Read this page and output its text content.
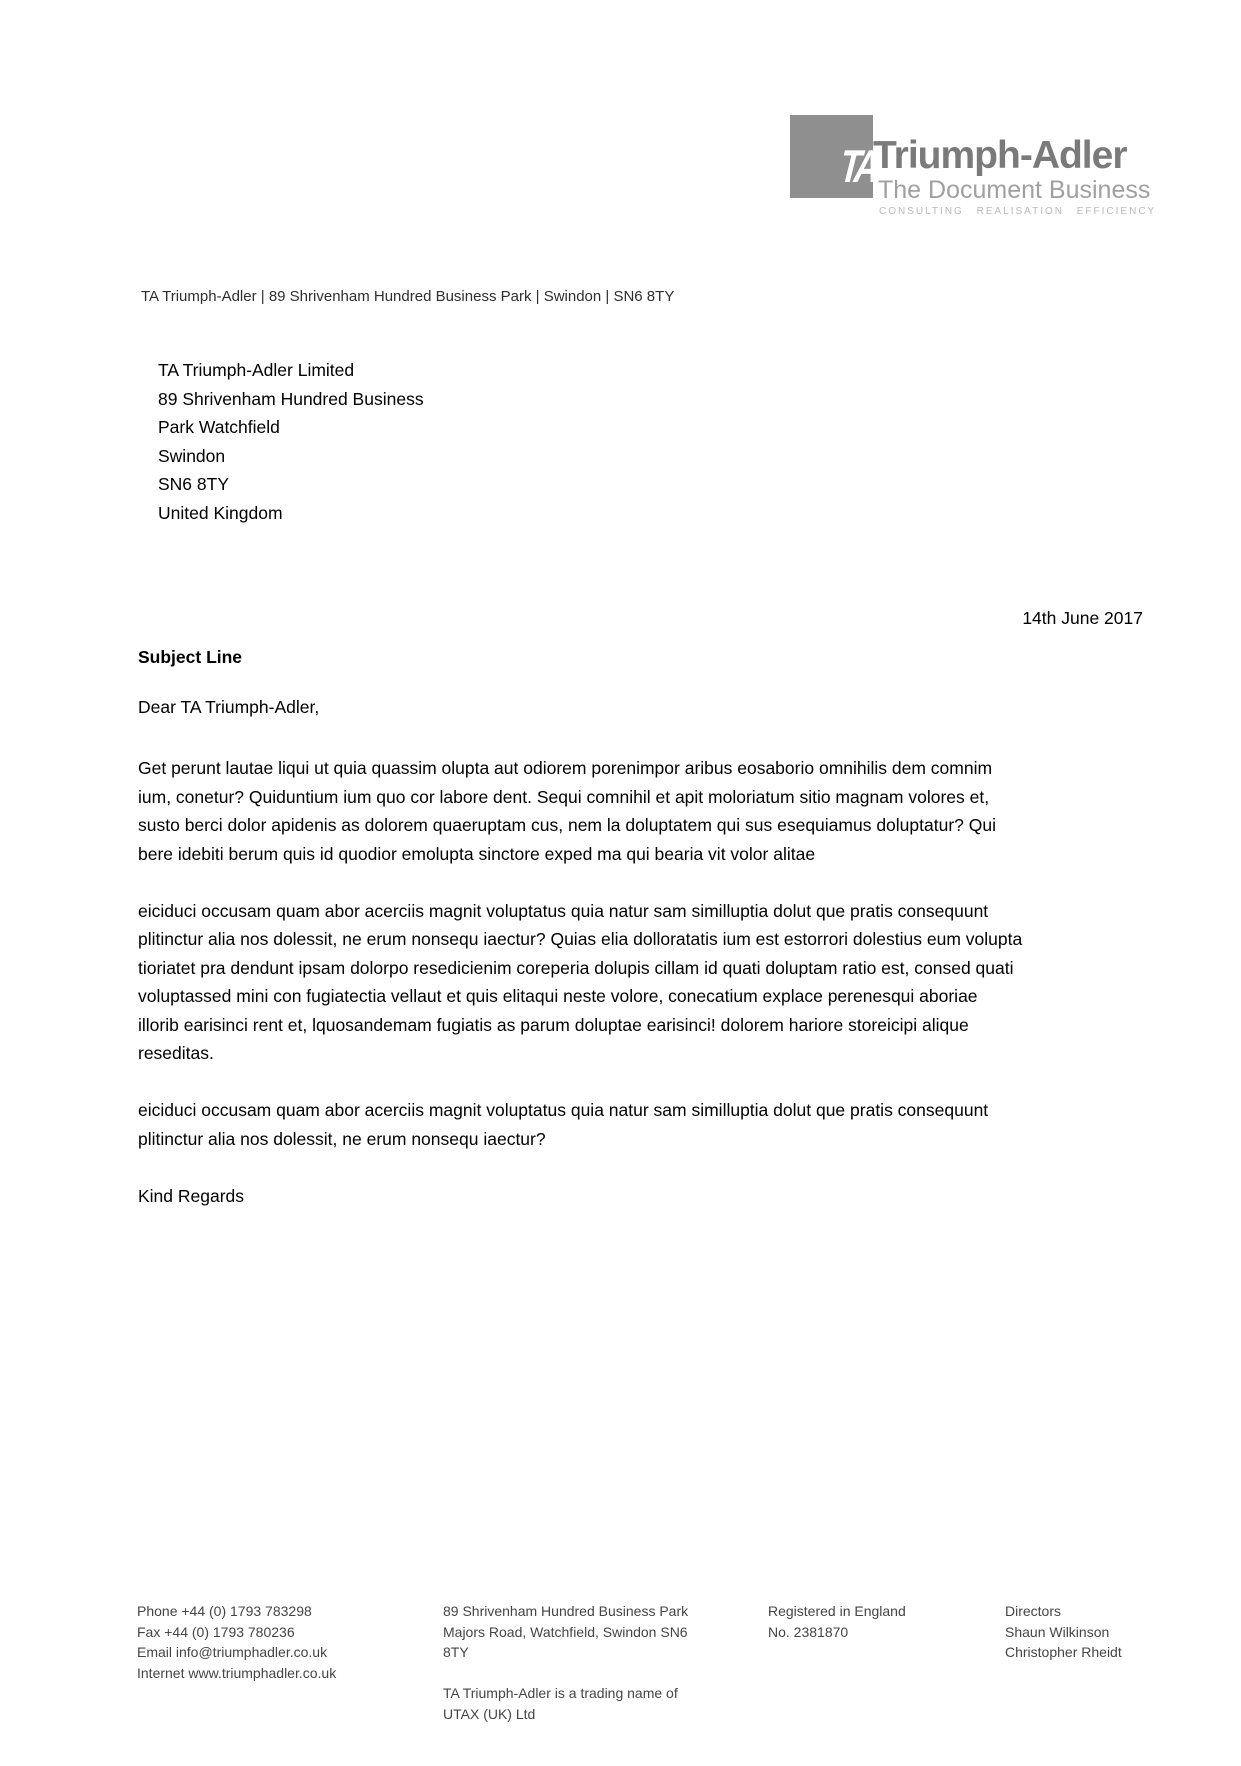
TA
Triumph-Adler
The Document Business
CONSULTING REALISATION EFFICIENCY
TA Triumph-Adler | 89 Shrivenham Hundred Business Park | Swindon | SN6 8TY
TA Triumph-Adler Limited
89 Shrivenham Hundred Business
Park Watchfield
Swindon
SN6 8TY
United Kingdom
14th June 2017
Subject Line
Dear TA Triumph-Adler,

Get perunt lautae liqui ut quia quassim olupta aut odiorem porenimpor aribus eosaborio omnihilis dem comnim
ium, conetur? Quiduntium ium quo cor labore dent. Sequi comnihil et apit moloriatum sitio magnam volores et,
susto berci dolor apidenis as dolorem quaeruptam cus, nem la doluptatem qui sus esequiamus doluptatur? Qui
bere idebiti berum quis id quodior emolupta sinctore exped ma qui bearia vit volor alitae

eiciduci occusam quam abor acerciis magnit voluptatus quia natur sam similluptia dolut que pratis consequunt
plitinctur alia nos dolessit, ne erum nonsequ iaectur? Quias elia dolloratatis ium est estorrori dolestius eum volupta
tioriatet pra dendunt ipsam dolorpo resedicienim coreperia dolupis cillam id quati doluptam ratio est, consed quati
voluptassed mini con fugiatectia vellaut et quis elitaqui neste volore, conecatium explace perenesqui aboriae
illorib earisinci rent et, lquosandemam fugiatis as parum doluptae earisinci! dolorem hariore storeicipi alique
reseditas.

eiciduci occusam quam abor acerciis magnit voluptatus quia natur sam similluptia dolut que pratis consequunt
plitinctur alia nos dolessit, ne erum nonsequ iaectur?

Kind Regards

Phone +44 (0) 1793 783298
Fax +44 (0) 1793 780236
Email info@triumphadler.co.uk
Internet www.triumphadler.co.uk
89 Shrivenham Hundred Business Park
Majors Road, Watchfield, Swindon SN6
8TY
TA Triumph-Adler is a trading name of
UTAX (UK) Ltd
Registered in England
No. 2381870
Directors
Shaun Wilkinson
Christopher Rheidt
